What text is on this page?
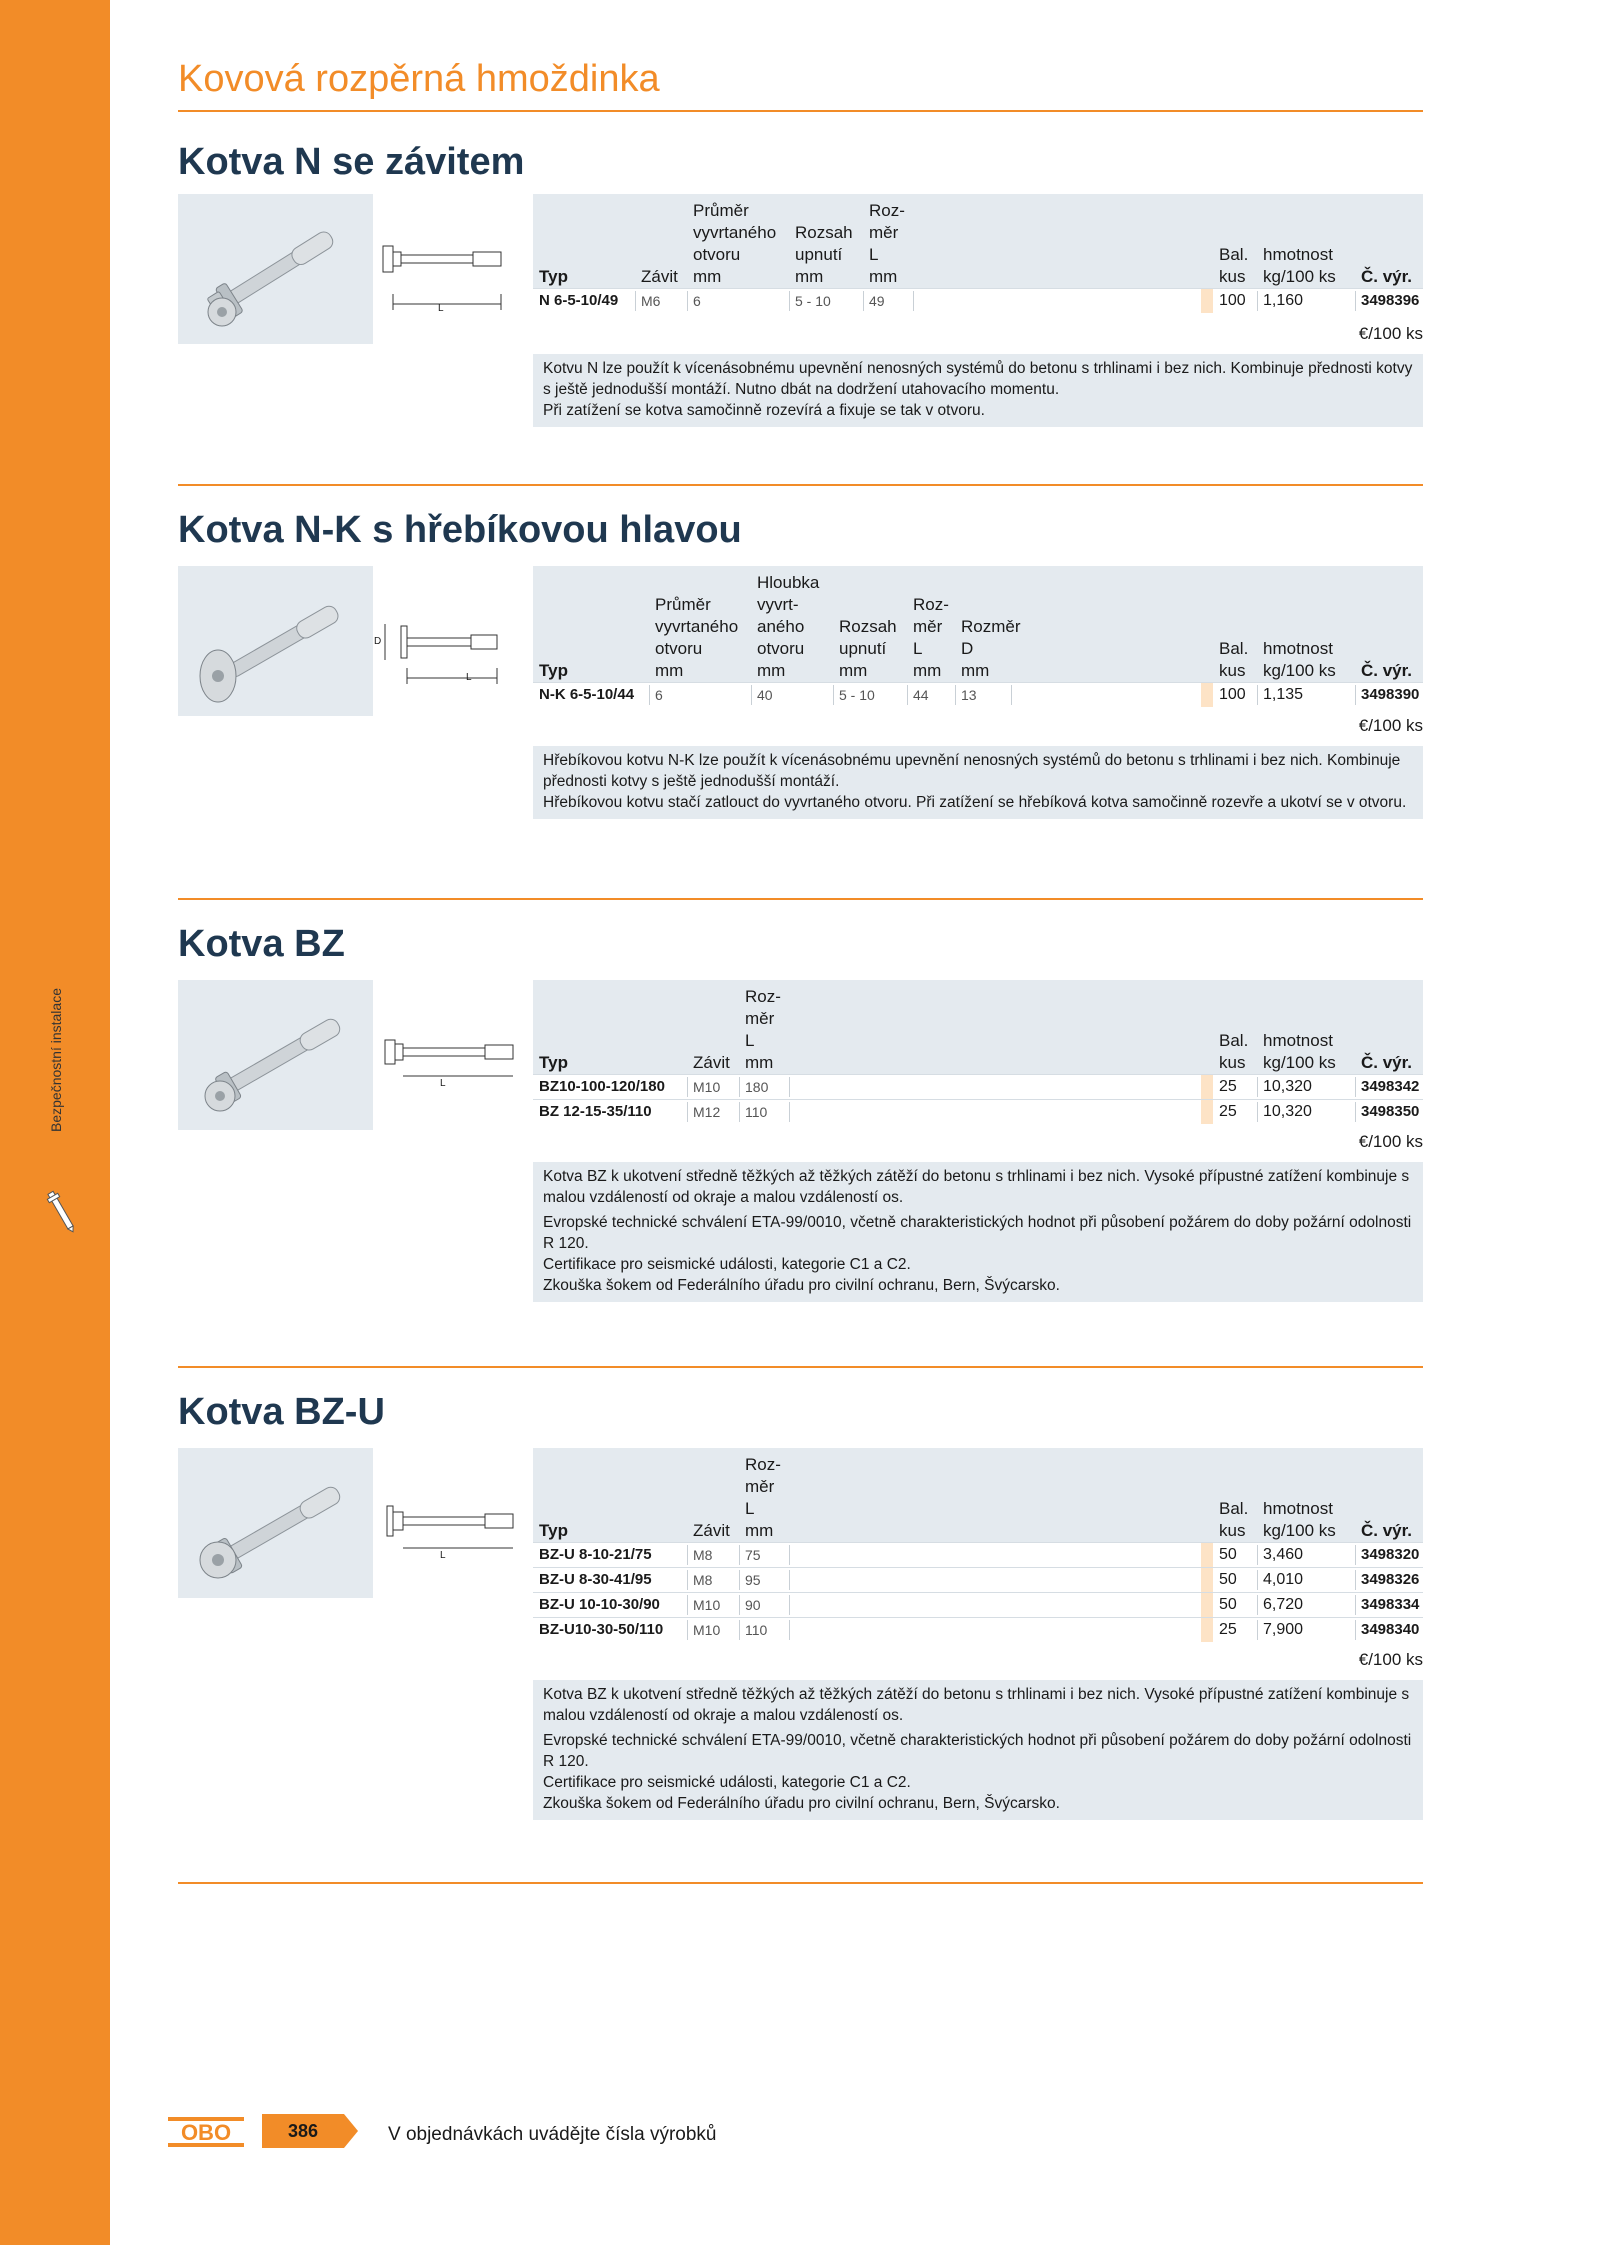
Bezpečnostní instalace
Kovová rozpěrná hmoždinka
Kotva N se závitem
L
Typ	Závit
Průměr
vyvrtaného
otvoru
mm
Rozsah
upnutí
mm
Roz-
měr
L
mm
Bal.
kus
hmotnost
kg/100 ks Č. výr.
N 6-5-10/49 M6 6	5 - 10	49	100 1,160	3498396
€/100 ks

Kotvu N lze použít k vícenásobnému upevnění nenosných systémů do betonu s trhlinami i bez nich. Kombinuje přednosti kotvy s ještě jednodušší montáží. Nutno dbát na dodržení utahovacího momentu.
Při zatížení se kotva samočinně rozevírá a fixuje se tak v otvoru.

Kotva N-K s hřebíkovou hlavou
D
L	Typ
Průměr
vyvrtaného
otvoru
mm
Hloubka
vyvrt-
aného
otvoru
mm
Rozsah
upnutí
mm
Roz-
měr
L
mm
Rozměr
D
mm
Bal.
kus
hmotnost
kg/100 ks Č. výr.
N-K 6-5-10/44 6	40	5 - 10	44 13	100 1,135	3498390
€/100 ks

Hřebíkovou kotvu N-K lze použít k vícenásobnému upevnění nenosných systémů do betonu s trhlinami i bez nich. Kombinuje přednosti kotvy s ještě jednodušší montáží.
Hřebíkovou kotvu stačí zatlouct do vyvrtaného otvoru. Při zatížení se hřebíková kotva samočinně rozevře a ukotví se v otvoru.

Kotva BZ
L
Typ	Závit
Roz-
měr
L
mm
Bal.
kus
hmotnost
kg/100 ks Č. výr.
BZ10-100-120/180 M10 180	25 10,320	3498342
BZ 12-15-35/110	M12 110	25 10,320	3498350
€/100 ks

Kotva BZ k ukotvení středně těžkých až těžkých zátěží do betonu s trhlinami i bez nich. Vysoké přípustné zatížení kombinuje s malou vzdáleností od okraje a malou vzdáleností os.

Evropské technické schválení ETA-99/0010, včetně charakteristických hodnot při působení požárem do doby požární odolnosti R 120.
Certifikace pro seismické události, kategorie C1 a C2.
Zkouška šokem od Federálního úřadu pro civilní ochranu, Bern, Švýcarsko.

Kotva BZ-U
L
Typ	Závit
Roz-
měr
L
mm
Bal.
kus
hmotnost
kg/100 ks Č. výr.
BZ-U 8-10-21/75	M8 75	50 3,460	3498320
BZ-U 8-30-41/95	M8 95	50 4,010	3498326
BZ-U 10-10-30/90 M10 90	50 6,720	3498334
BZ-U10-30-50/110 M10 110	25 7,900	3498340
€/100 ks

Kotva BZ k ukotvení středně těžkých až těžkých zátěží do betonu s trhlinami i bez nich. Vysoké přípustné zatížení kombinuje s malou vzdáleností od okraje a malou vzdáleností os.

Evropské technické schválení ETA-99/0010, včetně charakteristických hodnot při působení požárem do doby požární odolnosti R 120.
Certifikace pro seismické události, kategorie C1 a C2.
Zkouška šokem od Federálního úřadu pro civilní ochranu, Bern, Švýcarsko.

OBO	386	V objednávkách uvádějte čísla výrobků
